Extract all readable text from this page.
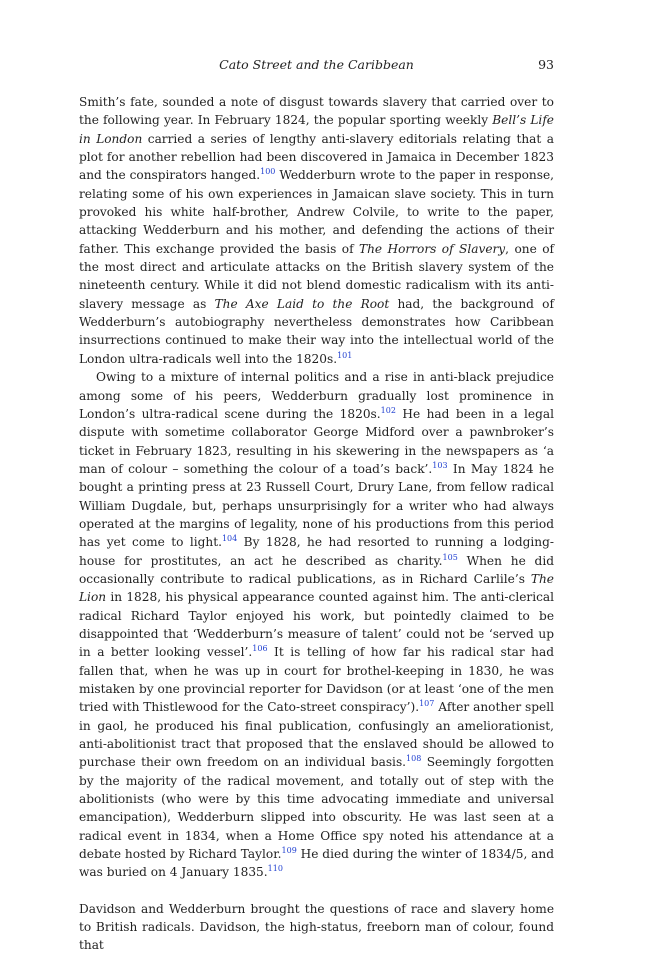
Cato Street and the Caribbean	93

Smith’s fate, sounded a note of disgust towards slavery that carried over to the following year. In February 1824, the popular sporting weekly Bell’s Life in London carried a series of lengthy anti-slavery editorials relating that a plot for another rebellion had been discovered in Jamaica in December 1823 and the conspirators hanged.$^{100}$ Wedderburn wrote to the paper in response, relating some of his own experiences in Jamaican slave society. This in turn provoked his white half-brother, Andrew Colvile, to write to the paper, attacking Wedderburn and his mother, and defending the actions of their father. This exchange provided the basis of The Horrors of Slavery, one of the most direct and articulate attacks on the British slavery system of the nineteenth century. While it did not blend domestic radicalism with its anti-slavery message as The Axe Laid to the Root had, the background of Wedderburn’s autobiography nevertheless demonstrates how Caribbean insurrections continued to make their way into the intellectual world of the London ultra-radicals well into the 1820s.$^{101}$

Owing to a mixture of internal politics and a rise in anti-black prejudice among some of his peers, Wedderburn gradually lost prominence in London’s ultra-radical scene during the 1820s.$^{102}$ He had been in a legal dispute with sometime collaborator George Midford over a pawnbroker’s ticket in February 1823, resulting in his skewering in the newspapers as ‘a man of colour – something the colour of a toad’s back’.$^{103}$ In May 1824 he bought a printing press at 23 Russell Court, Drury Lane, from fellow radical William Dugdale, but, perhaps unsurprisingly for a writer who had always operated at the margins of legality, none of his productions from this period has yet come to light.$^{104}$ By 1828, he had resorted to running a lodging-house for prostitutes, an act he described as charity.$^{105}$ When he did occasionally contribute to radical publications, as in Richard Carlile’s The Lion in 1828, his physical appearance counted against him. The anti-clerical radical Richard Taylor enjoyed his work, but pointedly claimed to be disappointed that ‘Wedderburn’s measure of talent’ could not be ‘served up in a better looking vessel’.$^{106}$ It is telling of how far his radical star had fallen that, when he was up in court for brothel-keeping in 1830, he was mistaken by one provincial reporter for Davidson (or at least ‘one of the men tried with Thistlewood for the Cato-street conspiracy’).$^{107}$ After another spell in gaol, he produced his final publication, confusingly an ameliorationist, anti-abolitionist tract that proposed that the enslaved should be allowed to purchase their own freedom on an individual basis.$^{108}$ Seemingly forgotten by the majority of the radical movement, and totally out of step with the abolitionists (who were by this time advocating immediate and universal emancipation), Wedderburn slipped into obscurity. He was last seen at a radical event in 1834, when a Home Office spy noted his attendance at a debate hosted by Richard Taylor.$^{109}$ He died during the winter of 1834/5, and was buried on 4 January 1835.$^{110}$

Davidson and Wedderburn brought the questions of race and slavery home to British radicals. Davidson, the high-status, freeborn man of colour, found that
